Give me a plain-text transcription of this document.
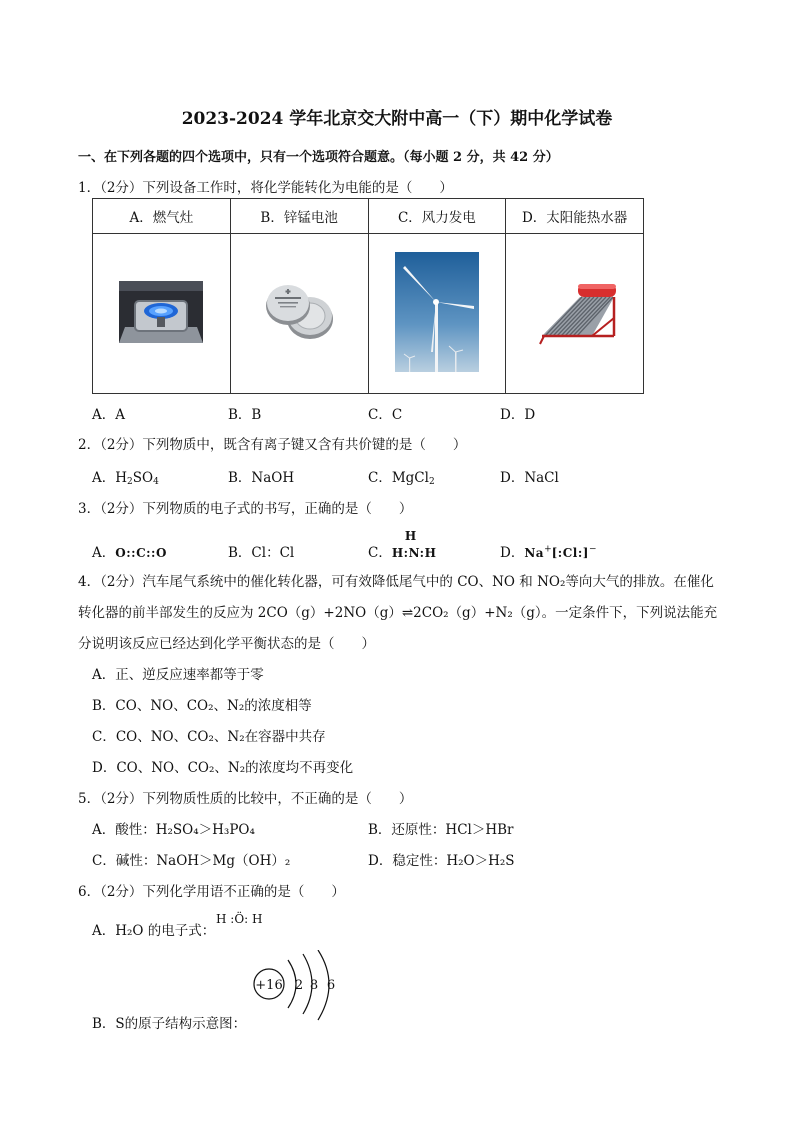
2023-2024 学年北京交大附中高一（下）期中化学试卷
一、在下列各题的四个选项中，只有一个选项符合题意。（每小题 2 分，共 42 分）
1．（2分）下列设备工作时，将化学能转化为电能的是（　　）
A．燃气灶	B．锌锰电池	C．风力发电	D．太阳能热水器

A．A	B．B	C．C	D．D
2．（2分）下列物质中，既含有离子键又含有共价键的是（　　）
A．$H_2SO_4$	B．NaOH	C．MgCl$_2$	D．NaCl
3．（2分）下列物质的电子式的书写，正确的是（　　）
A．O::C::O	B．Cl：Cl	C．
H
H:N:H	D．Na+[:Cl:]−
4．（2分）汽车尾气系统中的催化转化器，可有效降低尾气中的 CO、NO 和 NO₂等向大气的排放。在催化
转化器的前半部发生的反应为 2CO（g）+2NO（g）⇌2CO₂（g）+N₂（g）。一定条件下，下列说法能充
分说明该反应已经达到化学平衡状态的是（　　）
A．正、逆反应速率都等于零
B．CO、NO、CO₂、N₂的浓度相等
C．CO、NO、CO₂、N₂在容器中共存
D．CO、NO、CO₂、N₂的浓度均不再变化
5．（2分）下列物质性质的比较中，不正确的是（　　）
A．酸性：H₂SO₄＞H₃PO₄	B．还原性：HCl＞HBr
C．碱性：NaOH＞Mg（OH）₂	D．稳定性：H₂O＞H₂S
6．（2分）下列化学用语不正确的是（　　）
A．H₂O 的电子式：
H :Ö: H
B．S的原子结构示意图：
+16 2 8 6
